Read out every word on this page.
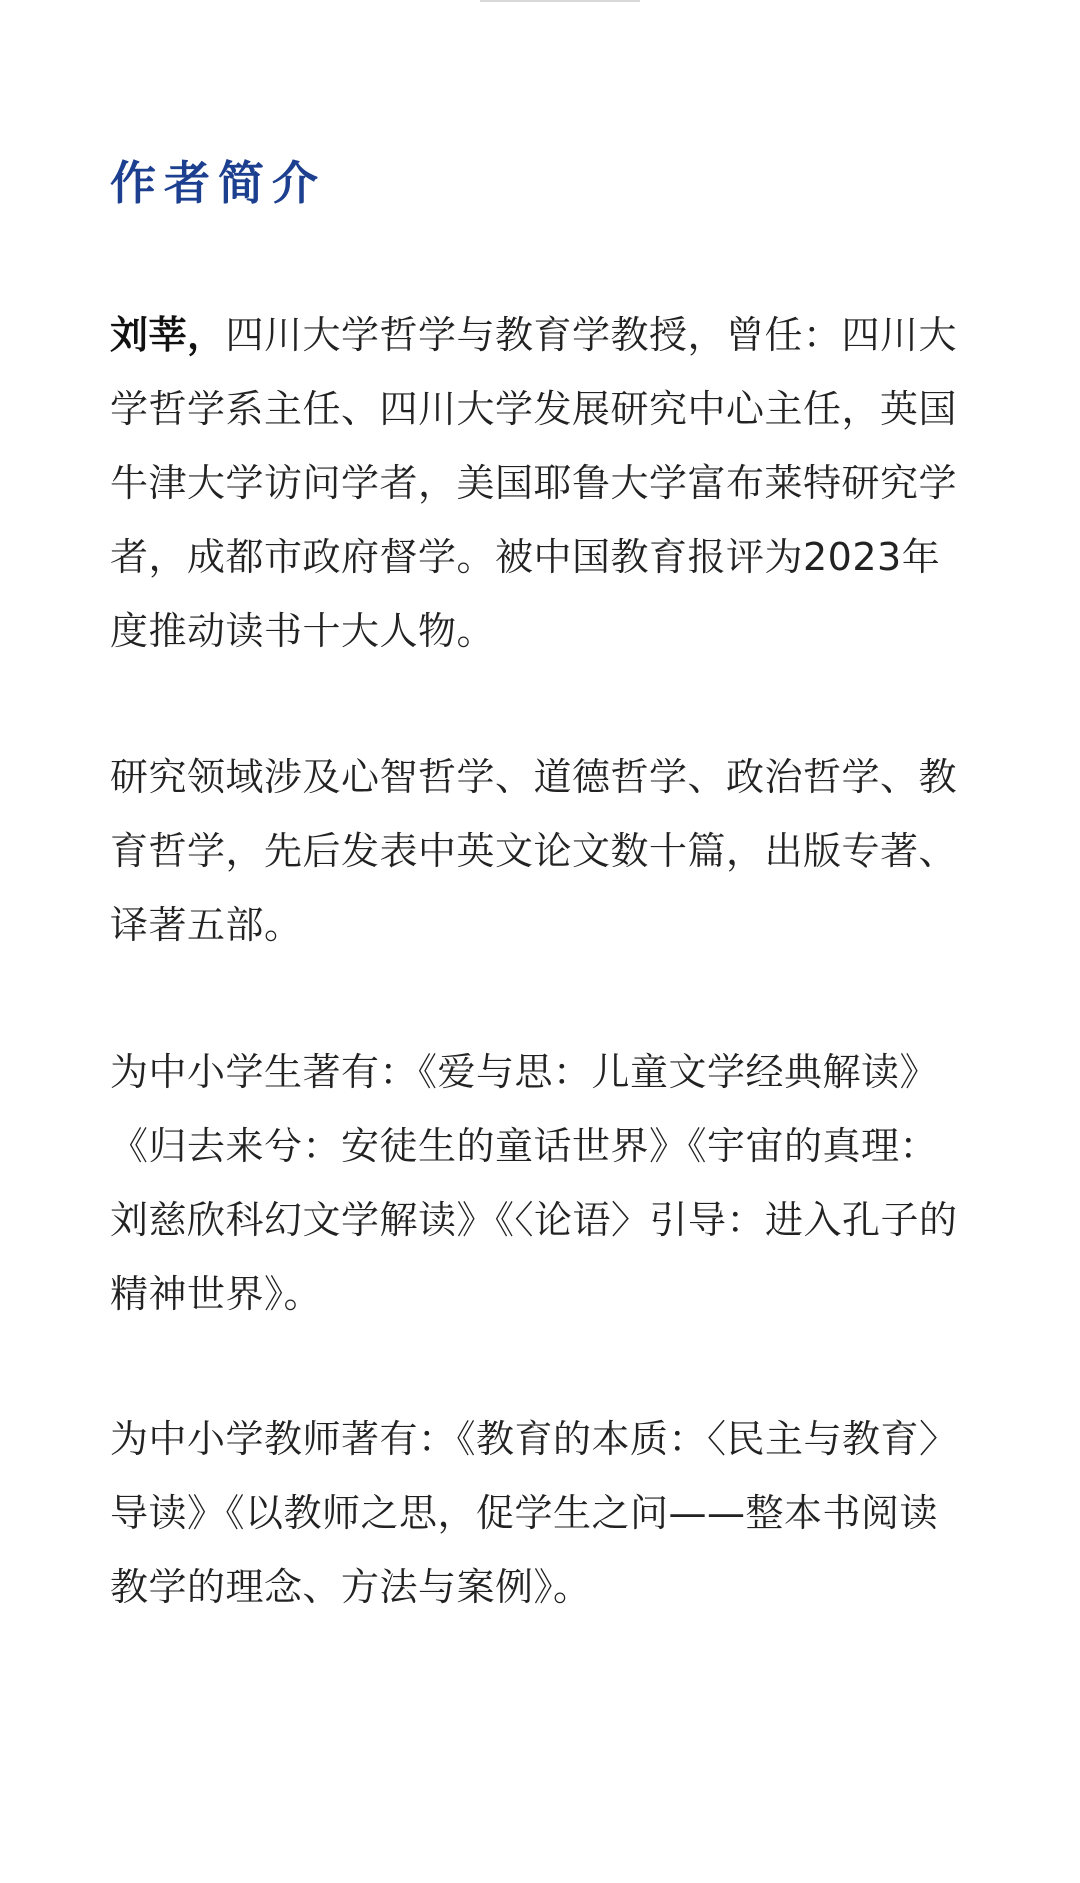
作者简介

刘莘，四川大学哲学与教育学教授，曾任：四川大学哲学系主任、四川大学发展研究中心主任，英国牛津大学访问学者，美国耶鲁大学富布莱特研究学者，成都市政府督学。被中国教育报评为2023年度推动读书十大人物。

研究领域涉及心智哲学、道德哲学、政治哲学、教育哲学，先后发表中英文论文数十篇，出版专著、译著五部。

为中小学生著有：《爱与思：儿童文学经典解读》《归去来兮：安徒生的童话世界》《宇宙的真理：刘慈欣科幻文学解读》《〈论语〉引导：进入孔子的精神世界》。

为中小学教师著有：《教育的本质：〈民主与教育〉导读》《以教师之思，促学生之问——整本书阅读教学的理念、方法与案例》。
